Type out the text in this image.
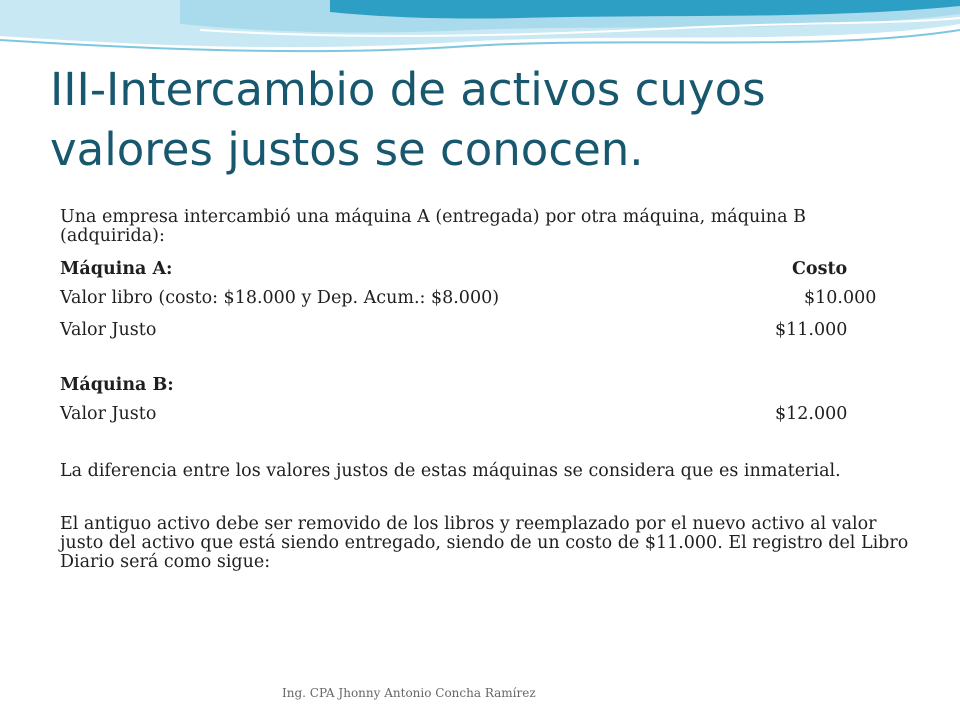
III-Intercambio de activos cuyos
valores justos se conocen.
Una empresa intercambió una máquina A (entregada) por otra máquina, máquina B (adquirida):
Máquina A:	Costo
Valor libro (costo: $18.000 y Dep. Acum.: $8.000)	$10.000
Valor Justo	$11.000
Máquina B:
Valor Justo	$12.000
La diferencia entre los valores justos de estas máquinas se considera que es inmaterial.
El antiguo activo debe ser removido de los libros y reemplazado por el nuevo activo al valor justo del activo que está siendo entregado, siendo de un costo de $11.000. El registro del Libro Diario será como sigue:
Ing. CPA Jhonny Antonio Concha Ramírez
